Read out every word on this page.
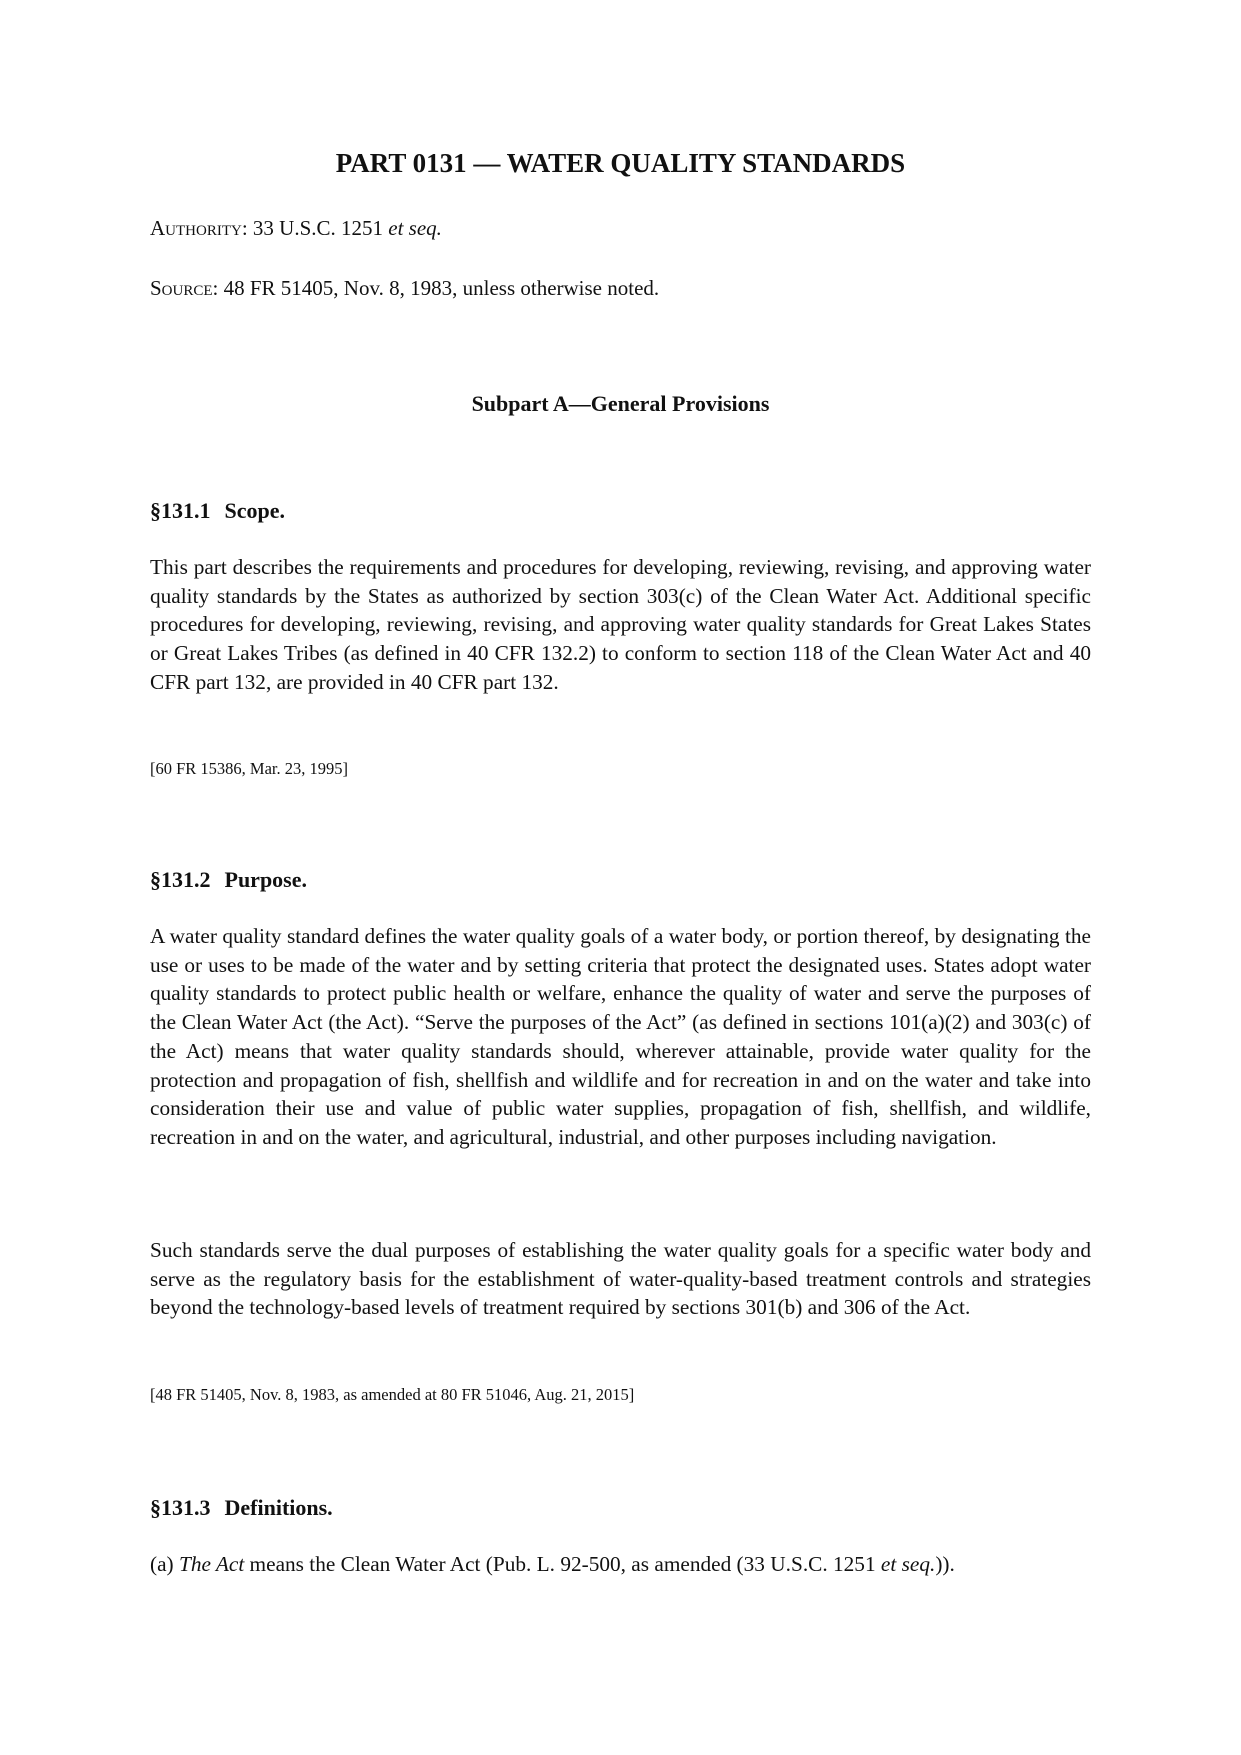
PART 0131 — WATER QUALITY STANDARDS

Authority: 33 U.S.C. 1251 et seq.

Source: 48 FR 51405, Nov. 8, 1983, unless otherwise noted.

Subpart A—General Provisions
§131.1 Scope.

This part describes the requirements and procedures for developing, reviewing, revising, and approving water quality standards by the States as authorized by section 303(c) of the Clean Water Act. Additional specific procedures for developing, reviewing, revising, and approving water quality standards for Great Lakes States or Great Lakes Tribes (as defined in 40 CFR 132.2) to conform to section 118 of the Clean Water Act and 40 CFR part 132, are provided in 40 CFR part 132.

[60 FR 15386, Mar. 23, 1995]

§131.2 Purpose.

A water quality standard defines the water quality goals of a water body, or portion thereof, by designating the use or uses to be made of the water and by setting criteria that protect the designated uses. States adopt water quality standards to protect public health or welfare, enhance the quality of water and serve the purposes of the Clean Water Act (the Act). “Serve the purposes of the Act” (as defined in sections 101(a)(2) and 303(c) of the Act) means that water quality standards should, wherever attainable, provide water quality for the protection and propagation of fish, shellfish and wildlife and for recreation in and on the water and take into consideration their use and value of public water supplies, propagation of fish, shellfish, and wildlife, recreation in and on the water, and agricultural, industrial, and other purposes including navigation.

Such standards serve the dual purposes of establishing the water quality goals for a specific water body and serve as the regulatory basis for the establishment of water-quality-based treatment controls and strategies beyond the technology-based levels of treatment required by sections 301(b) and 306 of the Act.

[48 FR 51405, Nov. 8, 1983, as amended at 80 FR 51046, Aug. 21, 2015]

§131.3 Definitions.

(a) The Act means the Clean Water Act (Pub. L. 92-500, as amended (33 U.S.C. 1251 et seq.)).
